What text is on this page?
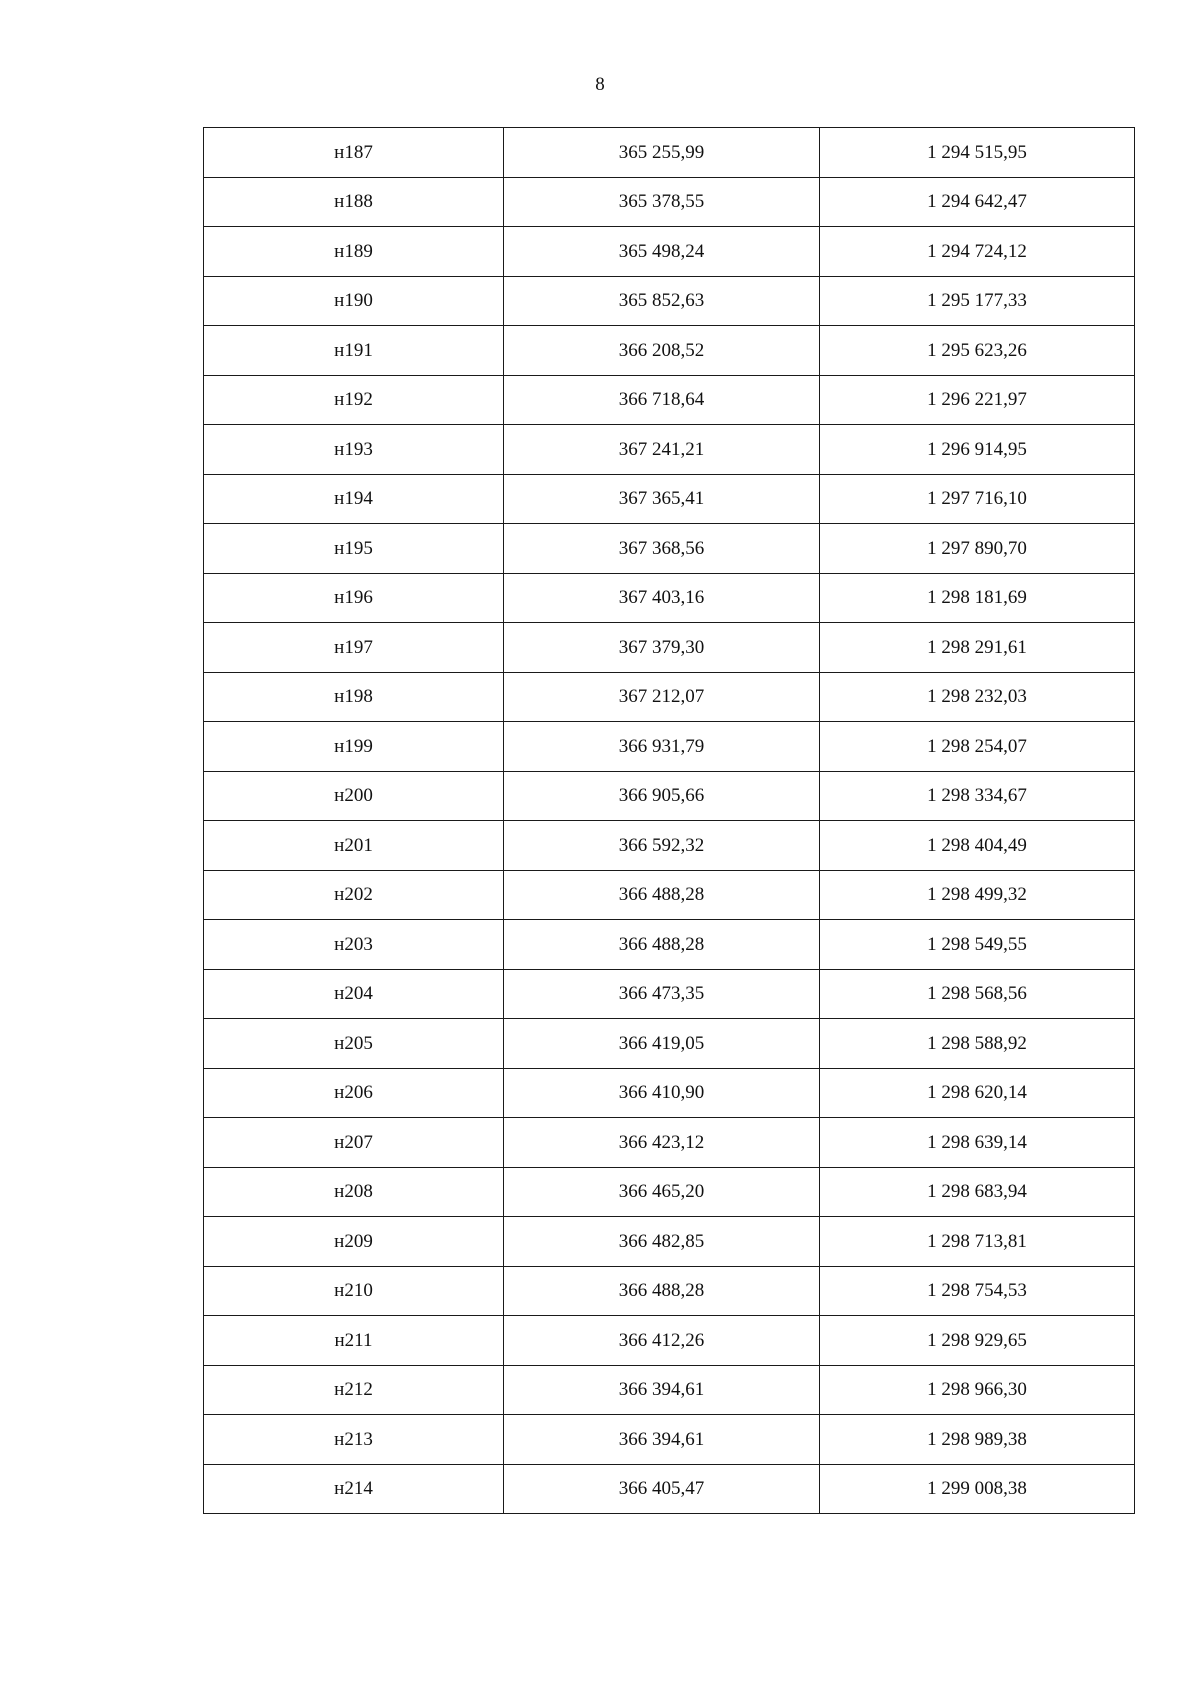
8
н187	365 255,99	1 294 515,95
н188	365 378,55	1 294 642,47
н189	365 498,24	1 294 724,12
н190	365 852,63	1 295 177,33
н191	366 208,52	1 295 623,26
н192	366 718,64	1 296 221,97
н193	367 241,21	1 296 914,95
н194	367 365,41	1 297 716,10
н195	367 368,56	1 297 890,70
н196	367 403,16	1 298 181,69
н197	367 379,30	1 298 291,61
н198	367 212,07	1 298 232,03
н199	366 931,79	1 298 254,07
н200	366 905,66	1 298 334,67
н201	366 592,32	1 298 404,49
н202	366 488,28	1 298 499,32
н203	366 488,28	1 298 549,55
н204	366 473,35	1 298 568,56
н205	366 419,05	1 298 588,92
н206	366 410,90	1 298 620,14
н207	366 423,12	1 298 639,14
н208	366 465,20	1 298 683,94
н209	366 482,85	1 298 713,81
н210	366 488,28	1 298 754,53
н211	366 412,26	1 298 929,65
н212	366 394,61	1 298 966,30
н213	366 394,61	1 298 989,38
н214	366 405,47	1 299 008,38
